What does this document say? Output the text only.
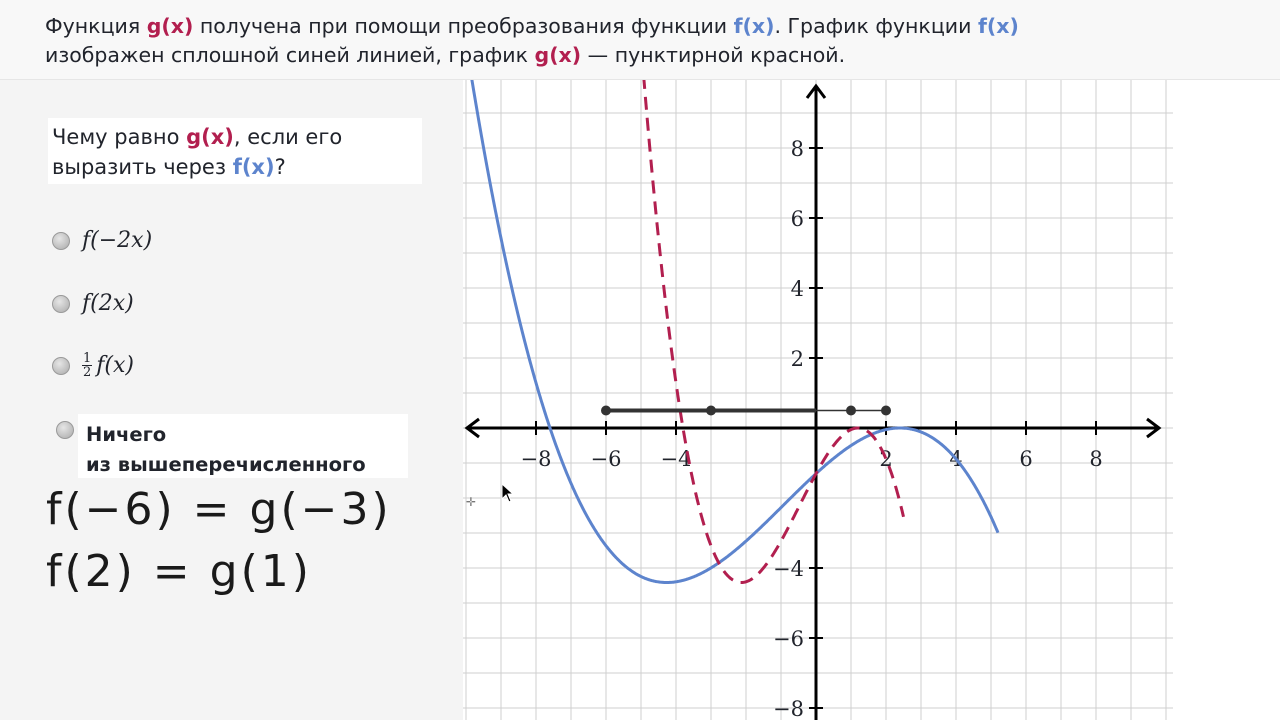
Функция g(x) получена при помощи преобразования функции f(x). График функции f(x)
изображен сплошной синей линией, график g(x) — пунктирной красной.
Чему равно g(x), если его
выразить через f(x)?
f(−2x)
f(2x)
$\frac{1}{2} f(x)$
Ничего
из вышеперечисленного
f(−6) = g(−3)
f(2) = g(1)
−8 −6 −4	2	4	6	8
8
6
4
2
−4
−6
−8
✛
